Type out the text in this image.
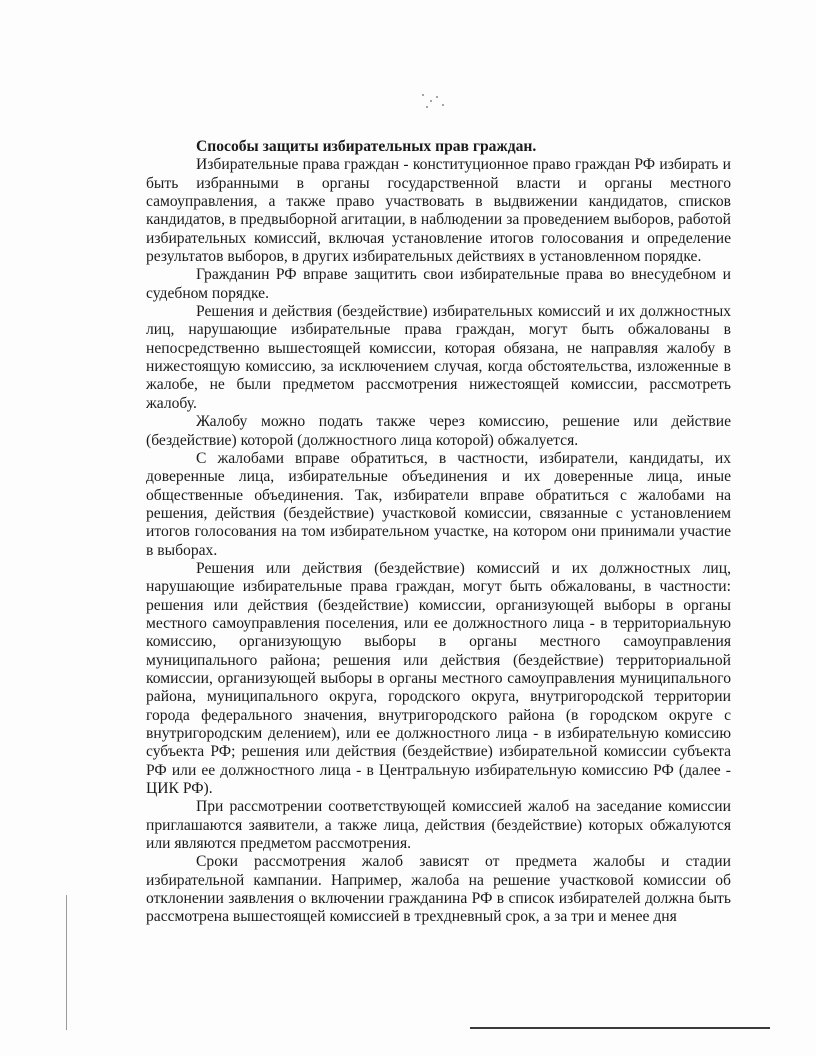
Способы защиты избирательных прав граждан.

Избирательные права граждан - конституционное право граждан РФ избирать и быть избранными в органы государственной власти и органы местного самоуправления, а также право участвовать в выдвижении кандидатов, списков кандидатов, в предвыборной агитации, в наблюдении за проведением выборов, работой избирательных комиссий, включая установление итогов голосования и определение результатов выборов, в других избирательных действиях в установленном порядке.

Гражданин РФ вправе защитить свои избирательные права во внесудебном и судебном порядке.

Решения и действия (бездействие) избирательных комиссий и их должностных лиц, нарушающие избирательные права граждан, могут быть обжалованы в непосредственно вышестоящей комиссии, которая обязана, не направляя жалобу в нижестоящую комиссию, за исключением случая, когда обстоятельства, изложенные в жалобе, не были предметом рассмотрения нижестоящей комиссии, рассмотреть жалобу.

Жалобу можно подать также через комиссию, решение или действие (бездействие) которой (должностного лица которой) обжалуется.

С жалобами вправе обратиться, в частности, избиратели, кандидаты, их доверенные лица, избирательные объединения и их доверенные лица, иные общественные объединения. Так, избиратели вправе обратиться с жалобами на решения, действия (бездействие) участковой комиссии, связанные с установлением итогов голосования на том избирательном участке, на котором они принимали участие в выборах.

Решения или действия (бездействие) комиссий и их должностных лиц, нарушающие избирательные права граждан, могут быть обжалованы, в частности: решения или действия (бездействие) комиссии, организующей выборы в органы местного самоуправления поселения, или ее должностного лица - в территориальную комиссию, организующую выборы в органы местного самоуправления муниципального района; решения или действия (бездействие) территориальной комиссии, организующей выборы в органы местного самоуправления муниципального района, муниципального округа, городского округа, внутригородской территории города федерального значения, внутригородского района (в городском округе с внутригородским делением), или ее должностного лица - в избирательную комиссию субъекта РФ; решения или действия (бездействие) избирательной комиссии субъекта РФ или ее должностного лица - в Центральную избирательную комиссию РФ (далее - ЦИК РФ).

При рассмотрении соответствующей комиссией жалоб на заседание комиссии приглашаются заявители, а также лица, действия (бездействие) которых обжалуются или являются предметом рассмотрения.

Сроки рассмотрения жалоб зависят от предмета жалобы и стадии избирательной кампании. Например, жалоба на решение участковой комиссии об отклонении заявления о включении гражданина РФ в список избирателей должна быть рассмотрена вышестоящей комиссией в трехдневный срок, а за три и менее дня
